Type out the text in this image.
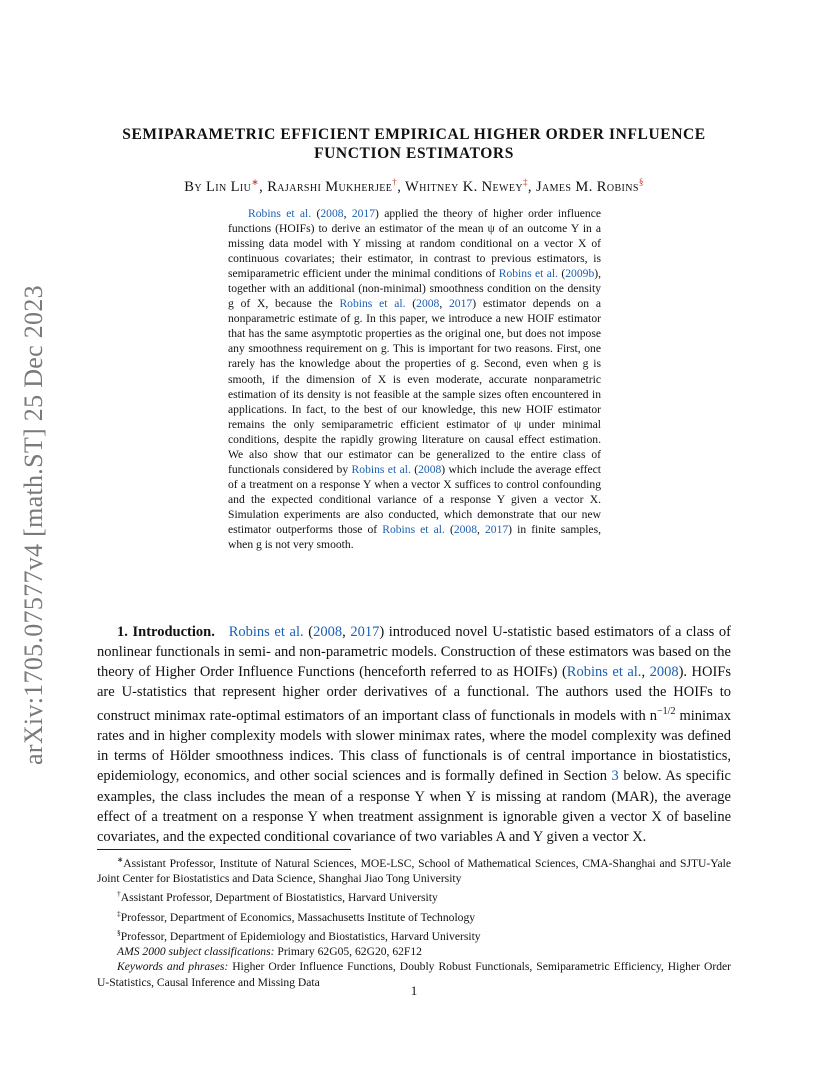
arXiv:1705.07577v4 [math.ST] 25 Dec 2023
SEMIPARAMETRIC EFFICIENT EMPIRICAL HIGHER ORDER INFLUENCE
FUNCTION ESTIMATORS
By Lin Liu∗, Rajarshi Mukherjee†, Whitney K. Newey‡, James M. Robins§
Robins et al. (2008, 2017) applied the theory of higher order influence functions (HOIFs) to derive an estimator of the mean ψ of an outcome Y in a missing data model with Y missing at random conditional on a vector X of continuous covariates; their estimator, in contrast to previous estimators, is semiparametric efficient under the minimal conditions of Robins et al. (2009b), together with an additional (non-minimal) smoothness condition on the density g of X, because the Robins et al. (2008, 2017) estimator depends on a nonparametric estimate of g. In this paper, we introduce a new HOIF estimator that has the same asymptotic properties as the original one, but does not impose any smoothness requirement on g. This is important for two reasons. First, one rarely has the knowledge about the properties of g. Second, even when g is smooth, if the dimension of X is even moderate, accurate nonparametric estimation of its density is not feasible at the sample sizes often encountered in applications. In fact, to the best of our knowledge, this new HOIF estimator remains the only semiparametric efficient estimator of ψ under minimal conditions, despite the rapidly growing literature on causal effect estimation. We also show that our estimator can be generalized to the entire class of functionals considered by Robins et al. (2008) which include the average effect of a treatment on a response Y when a vector X suffices to control confounding and the expected conditional variance of a response Y given a vector X. Simulation experiments are also conducted, which demonstrate that our new estimator outperforms those of Robins et al. (2008, 2017) in finite samples, when g is not very smooth.
1. Introduction. Robins et al. (2008, 2017) introduced novel U-statistic based estimators of a class of nonlinear functionals in semi- and non-parametric models. Construction of these estimators was based on the theory of Higher Order Influence Functions (henceforth referred to as HOIFs) (Robins et al., 2008). HOIFs are U-statistics that represent higher order derivatives of a functional. The authors used the HOIFs to construct minimax rate-optimal estimators of an important class of functionals in models with $n^{-1/2}$ minimax rates and in higher complexity models with slower minimax rates, where the model complexity was defined in terms of Hölder smoothness indices. This class of functionals is of central importance in biostatistics, epidemiology, economics, and other social sciences and is formally defined in Section 3 below. As specific examples, the class includes the mean of a response Y when Y is missing at random (MAR), the average effect of a treatment on a response Y when treatment assignment is ignorable given a vector X of baseline covariates, and the expected conditional covariance of two variables A and Y given a vector X.

∗Assistant Professor, Institute of Natural Sciences, MOE-LSC, School of Mathematical Sciences, CMA-Shanghai and SJTU-Yale Joint Center for Biostatistics and Data Science, Shanghai Jiao Tong University

†Assistant Professor, Department of Biostatistics, Harvard University

‡Professor, Department of Economics, Massachusetts Institute of Technology

§Professor, Department of Epidemiology and Biostatistics, Harvard University

AMS 2000 subject classifications: Primary 62G05, 62G20, 62F12

Keywords and phrases: Higher Order Influence Functions, Doubly Robust Functionals, Semiparametric Efficiency, Higher Order U-Statistics, Causal Inference and Missing Data

1
